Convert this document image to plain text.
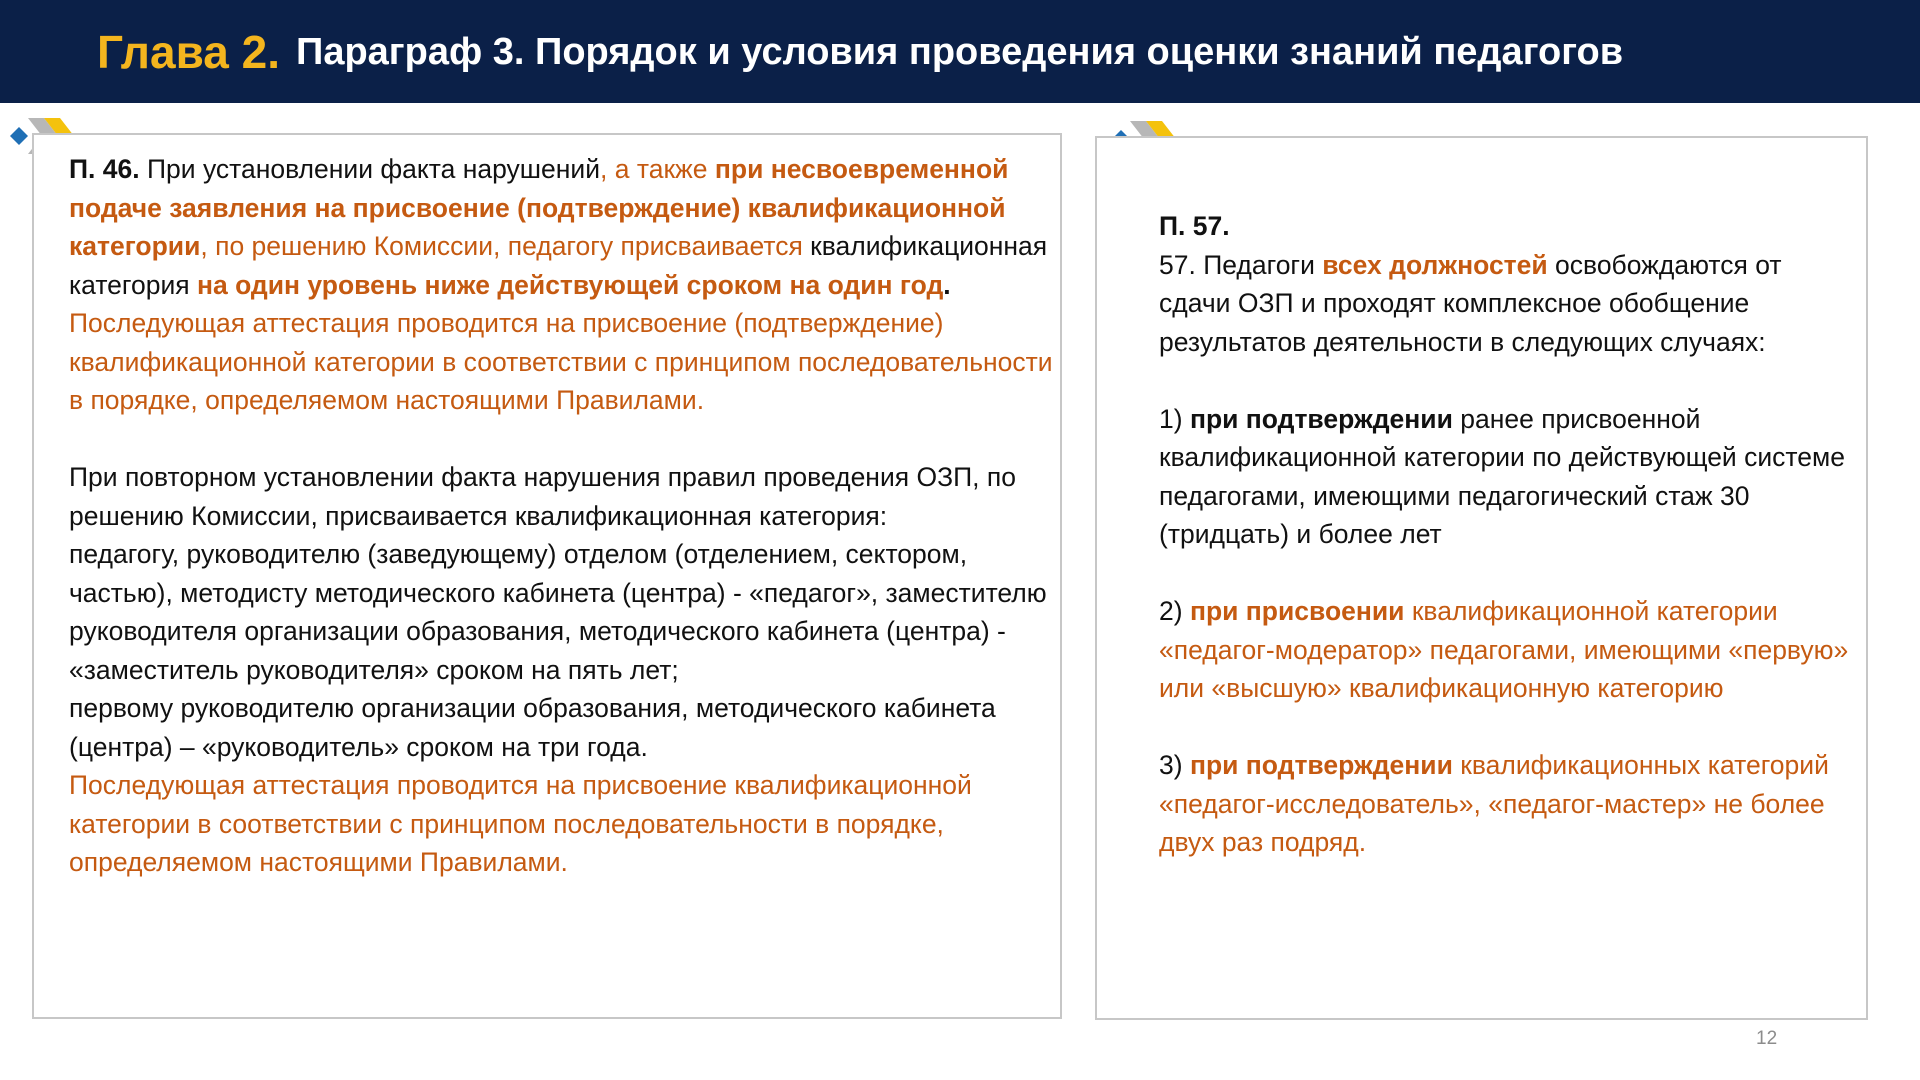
Глава 2. Параграф 3. Порядок и условия проведения оценки знаний педагогов

П. 46. При установлении факта нарушений, а также при несвоевременной подаче заявления на присвоение (подтверждение) квалификационной категории, по решению Комиссии, педагогу присваивается квалификационная категория на один уровень ниже действующей сроком на один год.

Последующая аттестация проводится на присвоение (подтверждение) квалификационной категории в соответствии с принципом последовательности в порядке, определяемом настоящими Правилами.

При повторном установлении факта нарушения правил проведения ОЗП, по решению Комиссии, присваивается квалификационная категория:

педагогу, руководителю (заведующему) отделом (отделением, сектором, частью), методисту методического кабинета (центра) - «педагог», заместителю руководителя организации образования, методического кабинета (центра) - «заместитель руководителя» сроком на пять лет;

первому руководителю организации образования, методического кабинета (центра) – «руководитель» сроком на три года.

Последующая аттестация проводится на присвоение квалификационной категории в соответствии с принципом последовательности в порядке, определяемом настоящими Правилами.

П. 57.

57. Педагоги всех должностей освобождаются от сдачи ОЗП и проходят комплексное обобщение результатов деятельности в следующих случаях:

1) при подтверждении ранее присвоенной квалификационной категории по действующей системе педагогами, имеющими педагогический стаж 30 (тридцать) и более лет

2) при присвоении квалификационной категории «педагог-модератор» педагогами, имеющими «первую» или «высшую» квалификационную категорию

3) при подтверждении квалификационных категорий «педагог-исследователь», «педагог-мастер» не более двух раз подряд.

12
